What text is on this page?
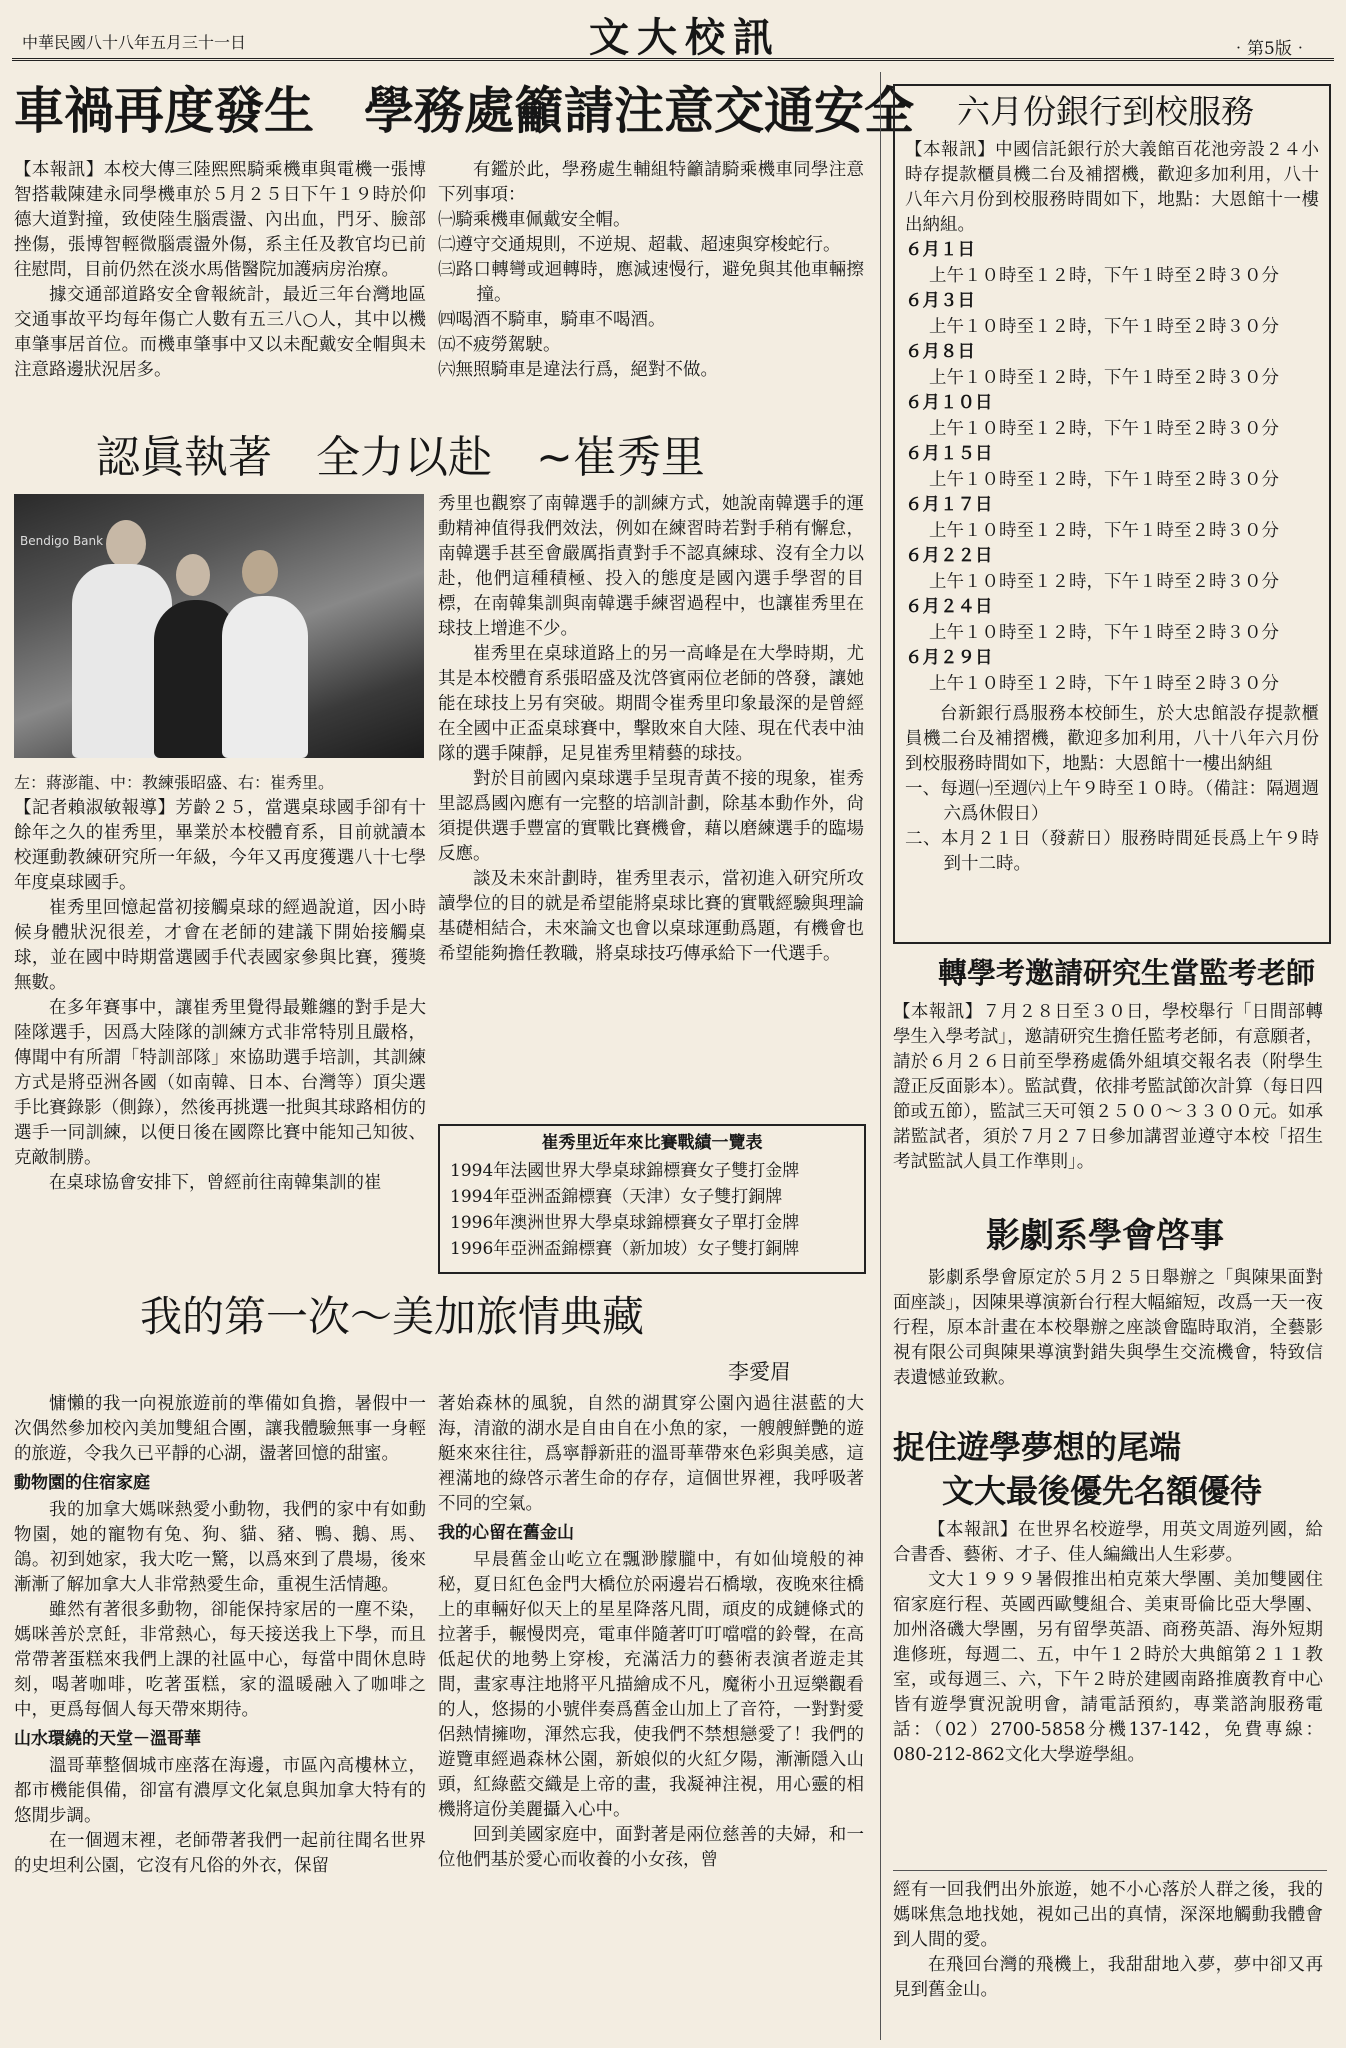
中華民國八十八年五月三十一日	文大校訊	‧第5版‧
車禍再度發生　學務處籲請注意交通安全

【本報訊】本校大傳三陸熙熙騎乘機車與電機一張博智搭載陳建永同學機車於５月２５日下午１９時於仰德大道對撞，致使陸生腦震盪、內出血，門牙、臉部挫傷，張博智輕微腦震盪外傷，系主任及教官均已前往慰問，目前仍然在淡水馬偕醫院加護病房治療。

據交通部道路安全會報統計，最近三年台灣地區交通事故平均每年傷亡人數有五三八○人，其中以機車肇事居首位。而機車肇事中又以未配戴安全帽與未注意路邊狀況居多。

有鑑於此，學務處生輔組特籲請騎乘機車同學注意下列事項：

㈠騎乘機車佩戴安全帽。
㈡遵守交通規則，不逆規、超載、超速與穿梭蛇行。
㈢路口轉彎或迴轉時，應減速慢行，避免與其他車輛擦撞。
㈣喝酒不騎車，騎車不喝酒。
㈤不疲勞駕駛。
㈥無照騎車是違法行爲，絕對不做。
認眞執著　全力以赴　~崔秀里
Bendigo Bank
左：蔣澎龍、中：教練張昭盛、右：崔秀里。

【記者賴淑敏報導】芳齡２５，當選桌球國手卻有十餘年之久的崔秀里，畢業於本校體育系，目前就讀本校運動教練研究所一年級，今年又再度獲選八十七學年度桌球國手。

崔秀里回憶起當初接觸桌球的經過說道，因小時候身體狀況很差，才會在老師的建議下開始接觸桌球，並在國中時期當選國手代表國家參與比賽，獲獎無數。

在多年賽事中，讓崔秀里覺得最難纏的對手是大陸隊選手，因爲大陸隊的訓練方式非常特別且嚴格，傳聞中有所謂「特訓部隊」來協助選手培訓，其訓練方式是將亞洲各國（如南韓、日本、台灣等）頂尖選手比賽錄影（側錄），然後再挑選一批與其球路相仿的選手一同訓練，以便日後在國際比賽中能知己知彼、克敵制勝。

在桌球協會安排下，曾經前往南韓集訓的崔

秀里也觀察了南韓選手的訓練方式，她說南韓選手的運動精神值得我們效法，例如在練習時若對手稍有懈怠，南韓選手甚至會嚴厲指責對手不認真練球、沒有全力以赴，他們這種積極、投入的態度是國內選手學習的目標，在南韓集訓與南韓選手練習過程中，也讓崔秀里在球技上增進不少。

崔秀里在桌球道路上的另一高峰是在大學時期，尤其是本校體育系張昭盛及沈啓賓兩位老師的啓發，讓她能在球技上另有突破。期間令崔秀里印象最深的是曾經在全國中正盃桌球賽中，擊敗來自大陸、現在代表中油隊的選手陳靜，足見崔秀里精藝的球技。

對於目前國內桌球選手呈現青黃不接的現象，崔秀里認爲國內應有一完整的培訓計劃，除基本動作外，尙須提供選手豐富的實戰比賽機會，藉以磨練選手的臨場反應。

談及未來計劃時，崔秀里表示，當初進入研究所攻讀學位的目的就是希望能將桌球比賽的實戰經驗與理論基礎相結合，未來論文也會以桌球運動爲題，有機會也希望能夠擔任教職，將桌球技巧傳承給下一代選手。

崔秀里近年來比賽戰績一覽表
1994年法國世界大學桌球錦標賽女子雙打金牌
1994年亞洲盃錦標賽（天津）女子雙打銅牌
1996年澳洲世界大學桌球錦標賽女子單打金牌
1996年亞洲盃錦標賽（新加坡）女子雙打銅牌
我的第一次～美加旅情典藏
李愛眉

慵懶的我一向視旅遊前的準備如負擔，暑假中一次偶然參加校內美加雙組合團，讓我體驗無事一身輕的旅遊，令我久已平靜的心湖，盪著回憶的甜蜜。

動物園的住宿家庭

我的加拿大媽咪熱愛小動物，我們的家中有如動物園，她的寵物有兔、狗、貓、豬、鴨、鵝、馬、鴿。初到她家，我大吃一驚，以爲來到了農場，後來漸漸了解加拿大人非常熱愛生命，重視生活情趣。

雖然有著很多動物，卻能保持家居的一塵不染，媽咪善於烹飪，非常熱心，每天接送我上下學，而且常帶著蛋糕來我們上課的社區中心，每當中間休息時刻，喝著咖啡，吃著蛋糕，家的溫暖融入了咖啡之中，更爲每個人每天帶來期待。

山水環繞的天堂－溫哥華

溫哥華整個城市座落在海邊，市區內高樓林立，都市機能俱備，卻富有濃厚文化氣息與加拿大特有的悠閒步調。

在一個週末裡，老師帶著我們一起前往聞名世界的史坦利公園，它沒有凡俗的外衣，保留

著始森林的風貌，自然的湖貫穿公園內過往湛藍的大海，清澈的湖水是自由自在小魚的家，一艘艘鮮艷的遊艇來來往往，爲寧靜新莊的溫哥華帶來色彩與美感，這裡滿地的綠啓示著生命的存存，這個世界裡，我呼吸著不同的空氣。

我的心留在舊金山

早晨舊金山屹立在飄渺朦朧中，有如仙境般的神秘，夏日紅色金門大橋位於兩邊岩石橋墩，夜晚來往橋上的車輛好似天上的星星降落凡間，頑皮的成鏈條式的拉著手，輾慢閃亮，電車伴隨著叮叮噹噹的鈴聲，在高低起伏的地勢上穿梭，充滿活力的藝術表演者遊走其間，畫家專注地將平凡描繪成不凡，魔術小丑逗樂觀看的人，悠揚的小號伴奏爲舊金山加上了音符，一對對愛侶熱情擁吻，渾然忘我，使我們不禁想戀愛了！我們的遊覽車經過森林公園，新娘似的火紅夕陽，漸漸隱入山頭，紅綠藍交織是上帝的畫，我凝神注視，用心靈的相機將這份美麗攝入心中。

回到美國家庭中，面對著是兩位慈善的夫婦，和一位他們基於愛心而收養的小女孩，曾

六月份銀行到校服務

【本報訊】中國信託銀行於大義館百花池旁設２４小時存提款櫃員機二台及補摺機，歡迎多加利用，八十八年六月份到校服務時間如下，地點：大恩館十一樓出納組。

６月１日
上午１０時至１２時，下午１時至２時３０分
６月３日
上午１０時至１２時，下午１時至２時３０分
６月８日
上午１０時至１２時，下午１時至２時３０分
６月１０日
上午１０時至１２時，下午１時至２時３０分
６月１５日
上午１０時至１２時，下午１時至２時３０分
６月１７日
上午１０時至１２時，下午１時至２時３０分
６月２２日
上午１０時至１２時，下午１時至２時３０分
６月２４日
上午１０時至１２時，下午１時至２時３０分
６月２９日
上午１０時至１２時，下午１時至２時３０分

台新銀行爲服務本校師生，於大忠館設存提款櫃員機二台及補摺機，歡迎多加利用，八十八年六月份到校服務時間如下，地點：大恩館十一樓出納組

一、每週㈠至週㈥上午９時至１０時。（備註：隔週週六爲休假日）
二、本月２１日（發薪日）服務時間延長爲上午９時到十二時。
轉學考邀請研究生當監考老師

【本報訊】７月２８日至３０日，學校舉行「日間部轉學生入學考試」，邀請研究生擔任監考老師，有意願者，請於６月２６日前至學務處僑外組填交報名表（附學生證正反面影本）。監試費，依排考監試節次計算（每日四節或五節），監試三天可領２５００～３３００元。如承諾監試者，須於７月２７日參加講習並遵守本校「招生考試監試人員工作準則」。

影劇系學會啓事

影劇系學會原定於５月２５日舉辦之「與陳果面對面座談」，因陳果導演新台行程大幅縮短，改爲一天一夜行程，原本計畫在本校舉辦之座談會臨時取消，全藝影視有限公司與陳果導演對錯失與學生交流機會，特致信表遺憾並致歉。

捉住遊學夢想的尾端
文大最後優先名額優待

【本報訊】在世界名校遊學，用英文周遊列國，給合書香、藝術、才子、佳人編織出人生彩夢。

文大１９９９暑假推出柏克萊大學團、美加雙國住宿家庭行程、英國西歐雙組合、美東哥倫比亞大學團、加州洛磯大學團，另有留學英語、商務英語、海外短期進修班，每週二、五，中午１２時於大典館第２１１教室，或每週三、六，下午２時於建國南路推廣教育中心皆有遊學實況說明會，請電話預約，專業諮詢服務電話：（02）2700-5858分機137-142，免費專線：080-212-862文化大學遊學組。

經有一回我們出外旅遊，她不小心落於人群之後，我的媽咪焦急地找她，視如己出的真情，深深地觸動我體會到人間的愛。

在飛回台灣的飛機上，我甜甜地入夢，夢中卻又再見到舊金山。
